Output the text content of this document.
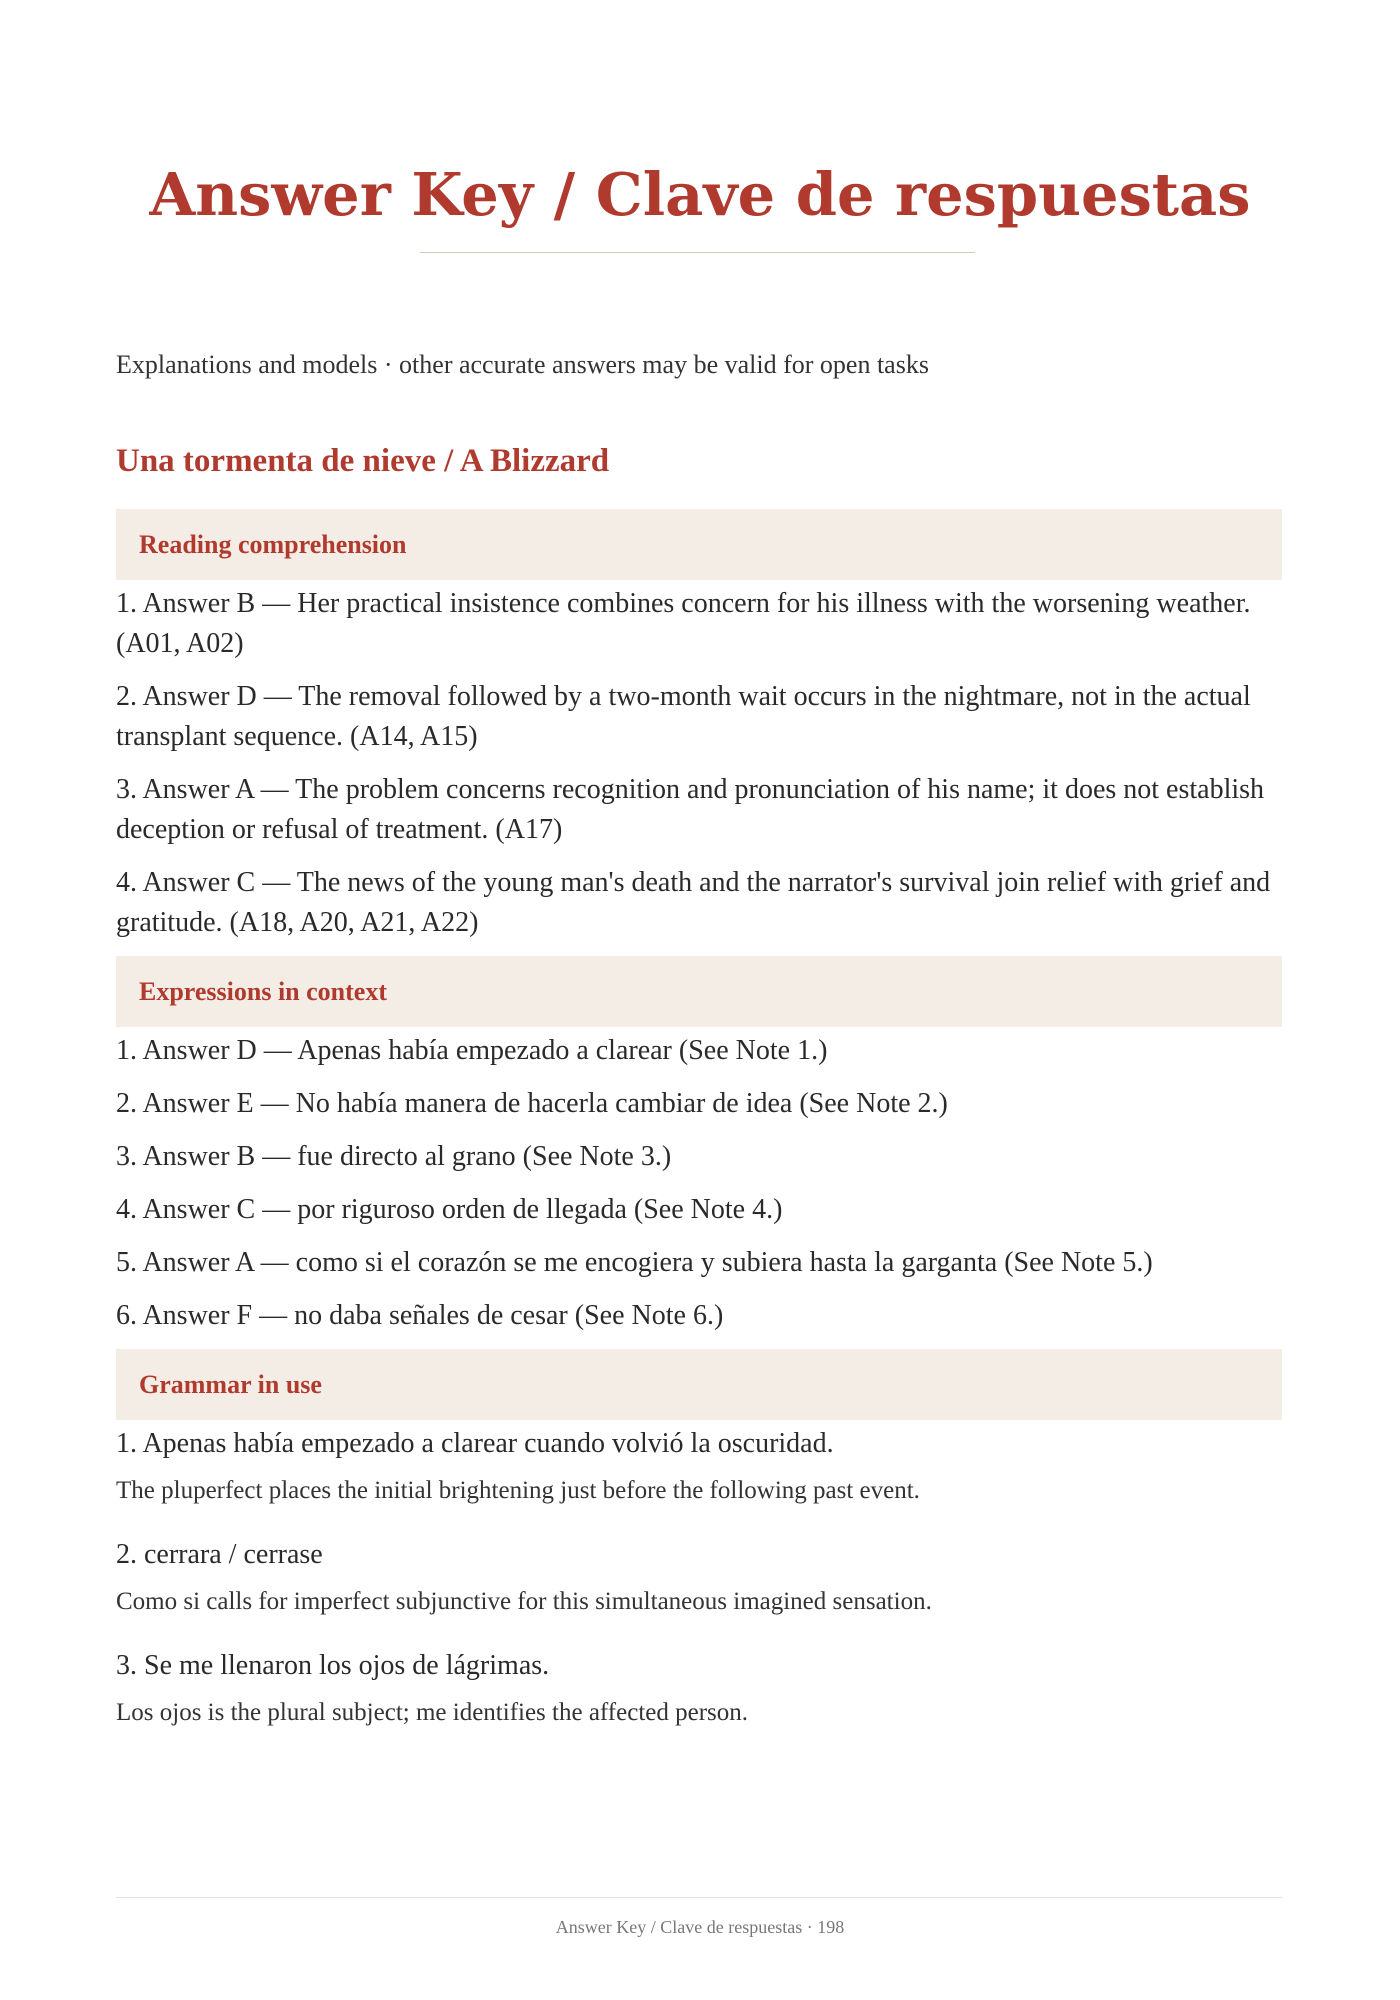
Answer Key / Clave de respuestas
Explanations and models · other accurate answers may be valid for open tasks
Una tormenta de nieve / A Blizzard
Reading comprehension
1. Answer B — Her practical insistence combines concern for his illness with the worsening weather. (A01, A02)
2. Answer D — The removal followed by a two-month wait occurs in the nightmare, not in the actual transplant sequence. (A14, A15)
3. Answer A — The problem concerns recognition and pronunciation of his name; it does not establish deception or refusal of treatment. (A17)
4. Answer C — The news of the young man's death and the narrator's survival join relief with grief and gratitude. (A18, A20, A21, A22)
Expressions in context
1. Answer D — Apenas había empezado a clarear (See Note 1.)
2. Answer E — No había manera de hacerla cambiar de idea (See Note 2.)
3. Answer B — fue directo al grano (See Note 3.)
4. Answer C — por riguroso orden de llegada (See Note 4.)
5. Answer A — como si el corazón se me encogiera y subiera hasta la garganta (See Note 5.)
6. Answer F — no daba señales de cesar (See Note 6.)
Grammar in use
1. Apenas había empezado a clarear cuando volvió la oscuridad.
The pluperfect places the initial brightening just before the following past event.
2. cerrara / cerrase
Como si calls for imperfect subjunctive for this simultaneous imagined sensation.
3. Se me llenaron los ojos de lágrimas.
Los ojos is the plural subject; me identifies the affected person.
Answer Key / Clave de respuestas · 198
